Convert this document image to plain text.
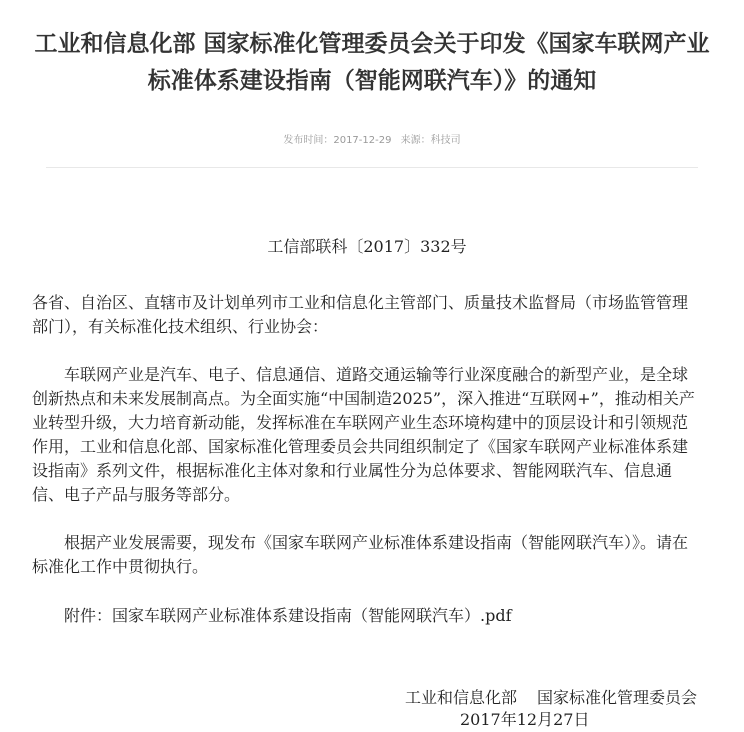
工业和信息化部 国家标准化管理委员会关于印发《国家车联网产业
标准体系建设指南（智能网联汽车）》的通知
发布时间：2017-12-29 来源：科技司

工信部联科〔2017〕332号

各省、自治区、直辖市及计划单列市工业和信息化主管部门、质量技术监督局（市场监管管理部门），有关标准化技术组织、行业协会：

车联网产业是汽车、电子、信息通信、道路交通运输等行业深度融合的新型产业，是全球创新热点和未来发展制高点。为全面实施“中国制造2025”，深入推进“互联网+”，推动相关产业转型升级，大力培育新动能，发挥标准在车联网产业生态环境构建中的顶层设计和引领规范作用，工业和信息化部、国家标准化管理委员会共同组织制定了《国家车联网产业标准体系建设指南》系列文件，根据标准化主体对象和行业属性分为总体要求、智能网联汽车、信息通信、电子产品与服务等部分。

根据产业发展需要，现发布《国家车联网产业标准体系建设指南（智能网联汽车）》。请在标准化工作中贯彻执行。

附件：国家车联网产业标准体系建设指南（智能网联汽车）.pdf

工业和信息化部 国家标准化管理委员会
2017年12月27日
